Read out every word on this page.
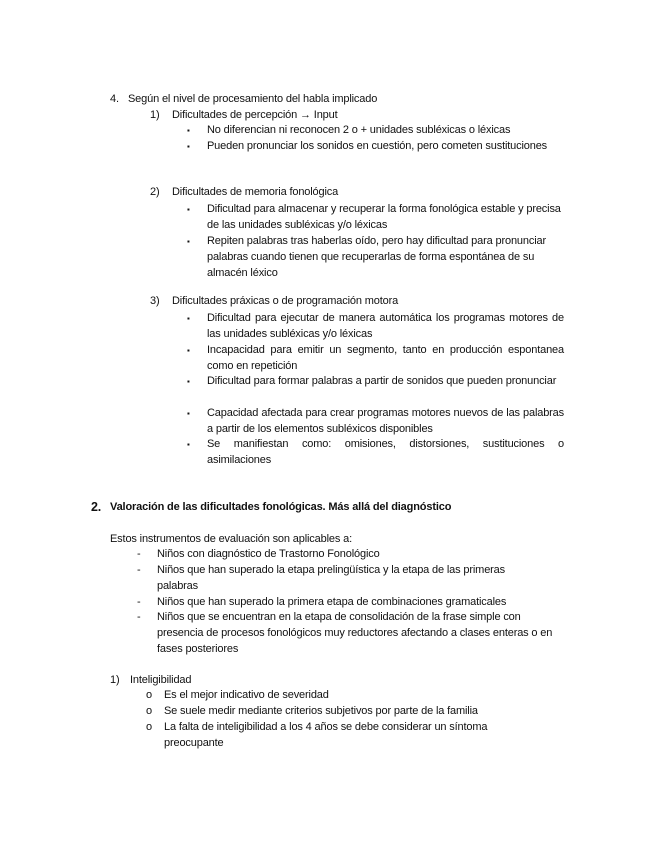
4. Según el nivel de procesamiento del habla implicado
1)	Dificultades de percepción → Input
▪	No diferencian ni reconocen 2 o + unidades subléxicas o léxicas
▪	Pueden pronunciar los sonidos en cuestión, pero cometen sustituciones
2)	Dificultades de memoria fonológica
▪	Dificultad para almacenar y recuperar la forma fonológica estable y precisa de las unidades subléxicas y/o léxicas
▪	Repiten palabras tras haberlas oído, pero hay dificultad para pronunciar palabras cuando tienen que recuperarlas de forma espontánea de su almacén léxico
3)	Dificultades práxicas o de programación motora
▪	Dificultad para ejecutar de manera automática los programas motores de las unidades subléxicas y/o léxicas
▪	Incapacidad para emitir un segmento, tanto en producción espontanea como en repetición
▪	Dificultad para formar palabras a partir de sonidos que pueden pronunciar
▪	Capacidad afectada para crear programas motores nuevos de las palabras a partir de los elementos subléxicos disponibles
▪	Se manifiestan como: omisiones, distorsiones, sustituciones o asimilaciones
2. Valoración de las dificultades fonológicas. Más allá del diagnóstico
Estos instrumentos de evaluación son aplicables a:
-	Niños con diagnóstico de Trastorno Fonológico
-	Niños que han superado la etapa prelingüística y la etapa de las primeras palabras
-	Niños que han superado la primera etapa de combinaciones gramaticales
-	Niños que se encuentran en la etapa de consolidación de la frase simple con presencia de procesos fonológicos muy reductores afectando a clases enteras o en fases posteriores
1) Inteligibilidad
o	Es el mejor indicativo de severidad
o	Se suele medir mediante criterios subjetivos por parte de la familia
o	La falta de inteligibilidad a los 4 años se debe considerar un síntoma preocupante
